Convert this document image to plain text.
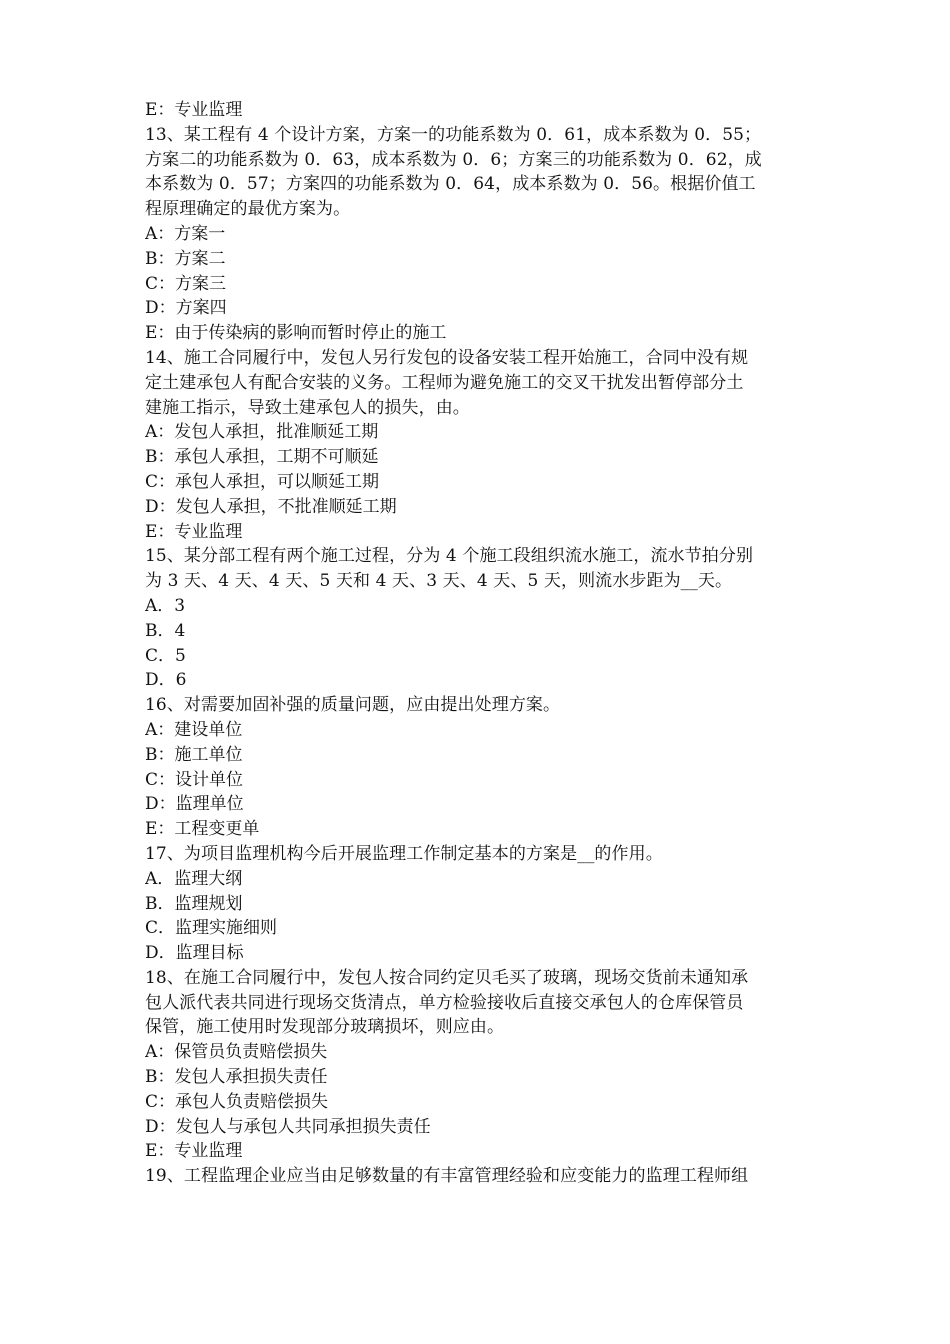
E：专业监理
13、某工程有 4 个设计方案，方案一的功能系数为 0．61，成本系数为 0．55；
方案二的功能系数为 0．63，成本系数为 0．6；方案三的功能系数为 0．62，成
本系数为 0．57；方案四的功能系数为 0．64，成本系数为 0．56。根据价值工
程原理确定的最优方案为。
A：方案一
B：方案二
C：方案三
D：方案四
E：由于传染病的影响而暂时停止的施工
14、施工合同履行中，发包人另行发包的设备安装工程开始施工，合同中没有规
定土建承包人有配合安装的义务。工程师为避免施工的交叉干扰发出暂停部分土
建施工指示，导致土建承包人的损失，由。
A：发包人承担，批准顺延工期
B：承包人承担，工期不可顺延
C：承包人承担，可以顺延工期
D：发包人承担，不批准顺延工期
E：专业监理
15、某分部工程有两个施工过程，分为 4 个施工段组织流水施工，流水节拍分别
为 3 天、4 天、4 天、5 天和 4 天、3 天、4 天、5 天，则流水步距为__天。
A．3
B．4
C．5
D．6
16、对需要加固补强的质量问题，应由提出处理方案。
A：建设单位
B：施工单位
C：设计单位
D：监理单位
E：工程变更单
17、为项目监理机构今后开展监理工作制定基本的方案是__的作用。
A．监理大纲
B．监理规划
C．监理实施细则
D．监理目标
18、在施工合同履行中，发包人按合同约定贝毛买了玻璃，现场交货前未通知承
包人派代表共同进行现场交货清点，单方检验接收后直接交承包人的仓库保管员
保管，施工使用时发现部分玻璃损坏，则应由。
A：保管员负责赔偿损失
B：发包人承担损失责任
C：承包人负责赔偿损失
D：发包人与承包人共同承担损失责任
E：专业监理
19、工程监理企业应当由足够数量的有丰富管理经验和应变能力的监理工程师组
